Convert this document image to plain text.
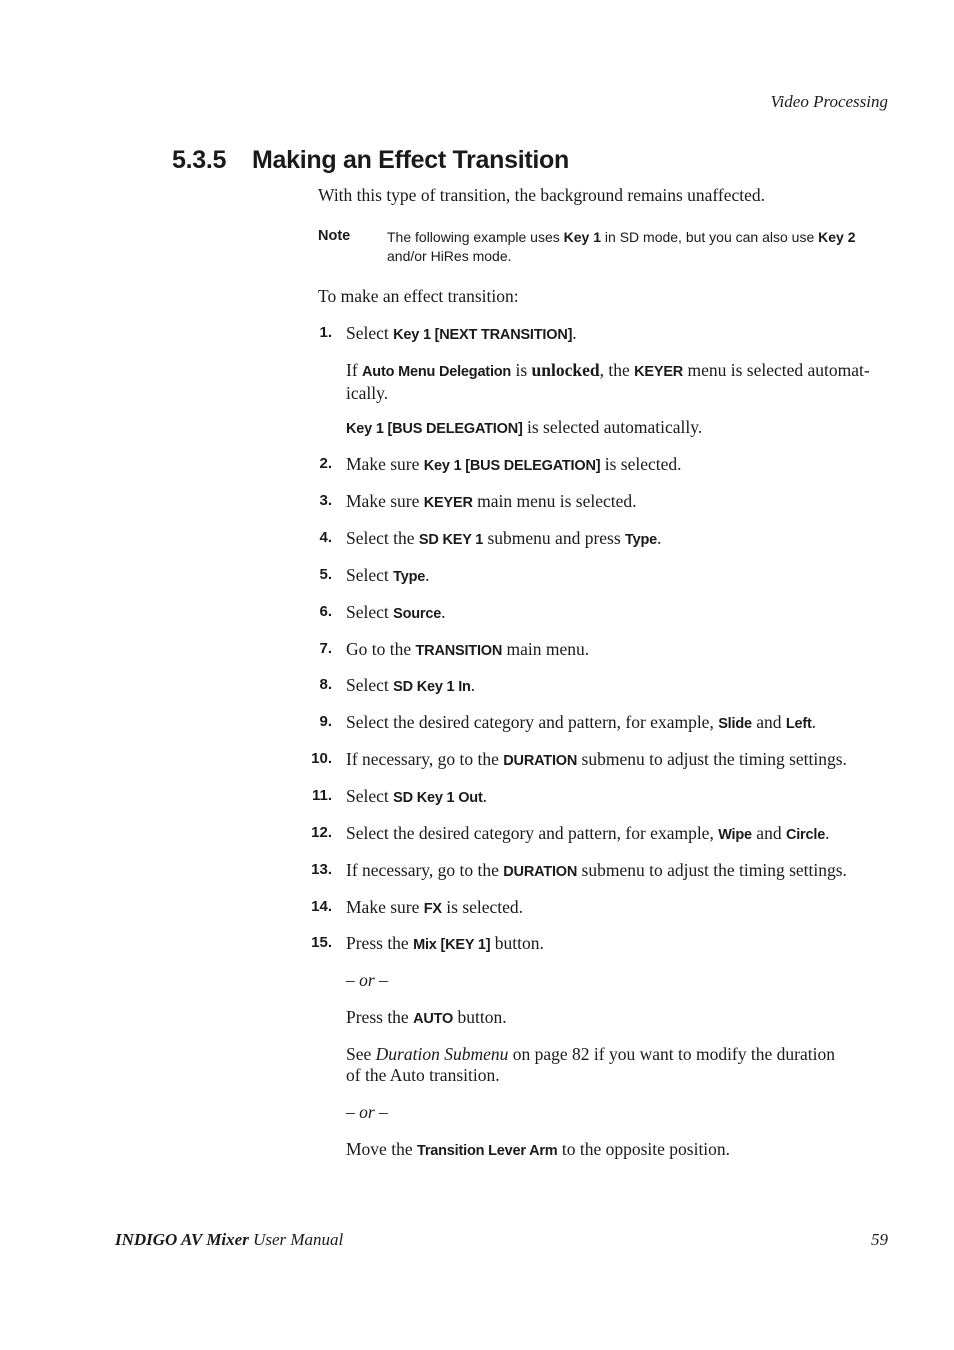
Video Processing
5.3.5 Making an Effect Transition
With this type of transition, the background remains unaffected.
Note	The following example uses Key 1 in SD mode, but you can also use Key 2
and/or HiRes mode.
To make an effect transition:
1. Select Key 1 [NEXT TRANSITION].
If Auto Menu Delegation is unlocked, the KEYER menu is selected automat-
ically.
Key 1 [BUS DELEGATION] is selected automatically.
2. Make sure Key 1 [BUS DELEGATION] is selected.
3. Make sure KEYER main menu is selected.
4. Select the SD KEY 1 submenu and press Type.
5. Select Type.
6. Select Source.
7. Go to the TRANSITION main menu.
8. Select SD Key 1 In.
9. Select the desired category and pattern, for example, Slide and Left.
10. If necessary, go to the DURATION submenu to adjust the timing settings.
11. Select SD Key 1 Out.
12. Select the desired category and pattern, for example, Wipe and Circle.
13. If necessary, go to the DURATION submenu to adjust the timing settings.
14. Make sure FX is selected.
15. Press the Mix [KEY 1] button.
– or –
Press the AUTO button.
See Duration Submenu on page 82 if you want to modify the duration
of the Auto transition.
– or –
Move the Transition Lever Arm to the opposite position.
INDIGO AV Mixer User Manual	59
